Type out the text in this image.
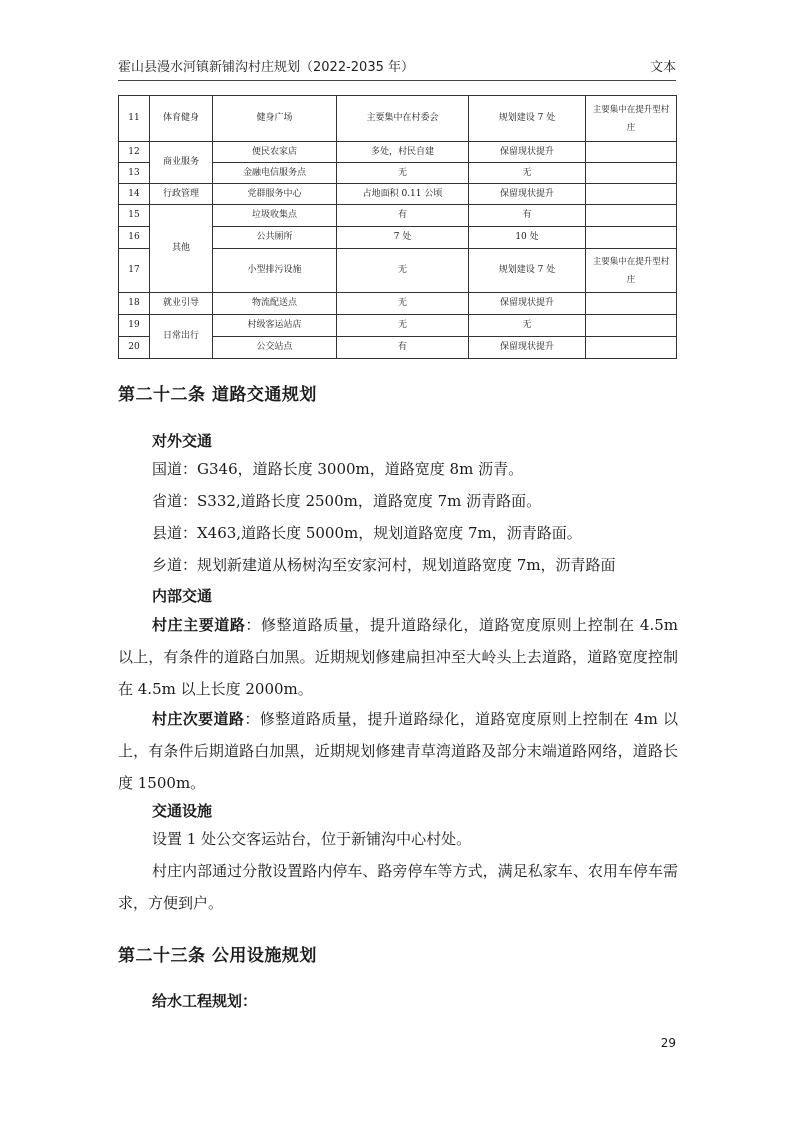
霍山县漫水河镇新铺沟村庄规划（2022-2035 年）	文本
11	体育健身	健身广场	主要集中在村委会	规划建设 7 处	主要集中在提升型村庄
12	商业服务	便民农家店	多处，村民自建	保留现状提升	
13		金融电信服务点	无	无	
14	行政管理	党群服务中心	占地面积 0.11 公顷	保留现状提升	
15	其他	垃圾收集点	有	有	
16		公共厕所	7 处	10 处	
17		小型排污设施	无	规划建设 7 处	主要集中在提升型村庄
18	就业引导	物流配送点	无	保留现状提升	
19	日常出行	村级客运站店	无	无	
20		公交站点	有	保留现状提升	
第二十二条 道路交通规划
对外交通
国道：G346，道路长度 3000m，道路宽度 8m 沥青。
省道：S332,道路长度 2500m，道路宽度 7m 沥青路面。
县道：X463,道路长度 5000m，规划道路宽度 7m，沥青路面。
乡道：规划新建道从杨树沟至安家河村，规划道路宽度 7m，沥青路面
内部交通
村庄主要道路：修整道路质量，提升道路绿化，道路宽度原则上控制在 4.5m 以上，有条件的道路白加黑。近期规划修建扁担冲至大岭头上去道路，道路宽度控制在 4.5m 以上长度 2000m。
村庄次要道路：修整道路质量，提升道路绿化，道路宽度原则上控制在 4m 以上，有条件后期道路白加黑，近期规划修建青草湾道路及部分末端道路网络，道路长度 1500m。
交通设施
设置 1 处公交客运站台，位于新铺沟中心村处。
村庄内部通过分散设置路内停车、路旁停车等方式，满足私家车、农用车停车需求，方便到户。
第二十三条 公用设施规划
给水工程规划：
29
